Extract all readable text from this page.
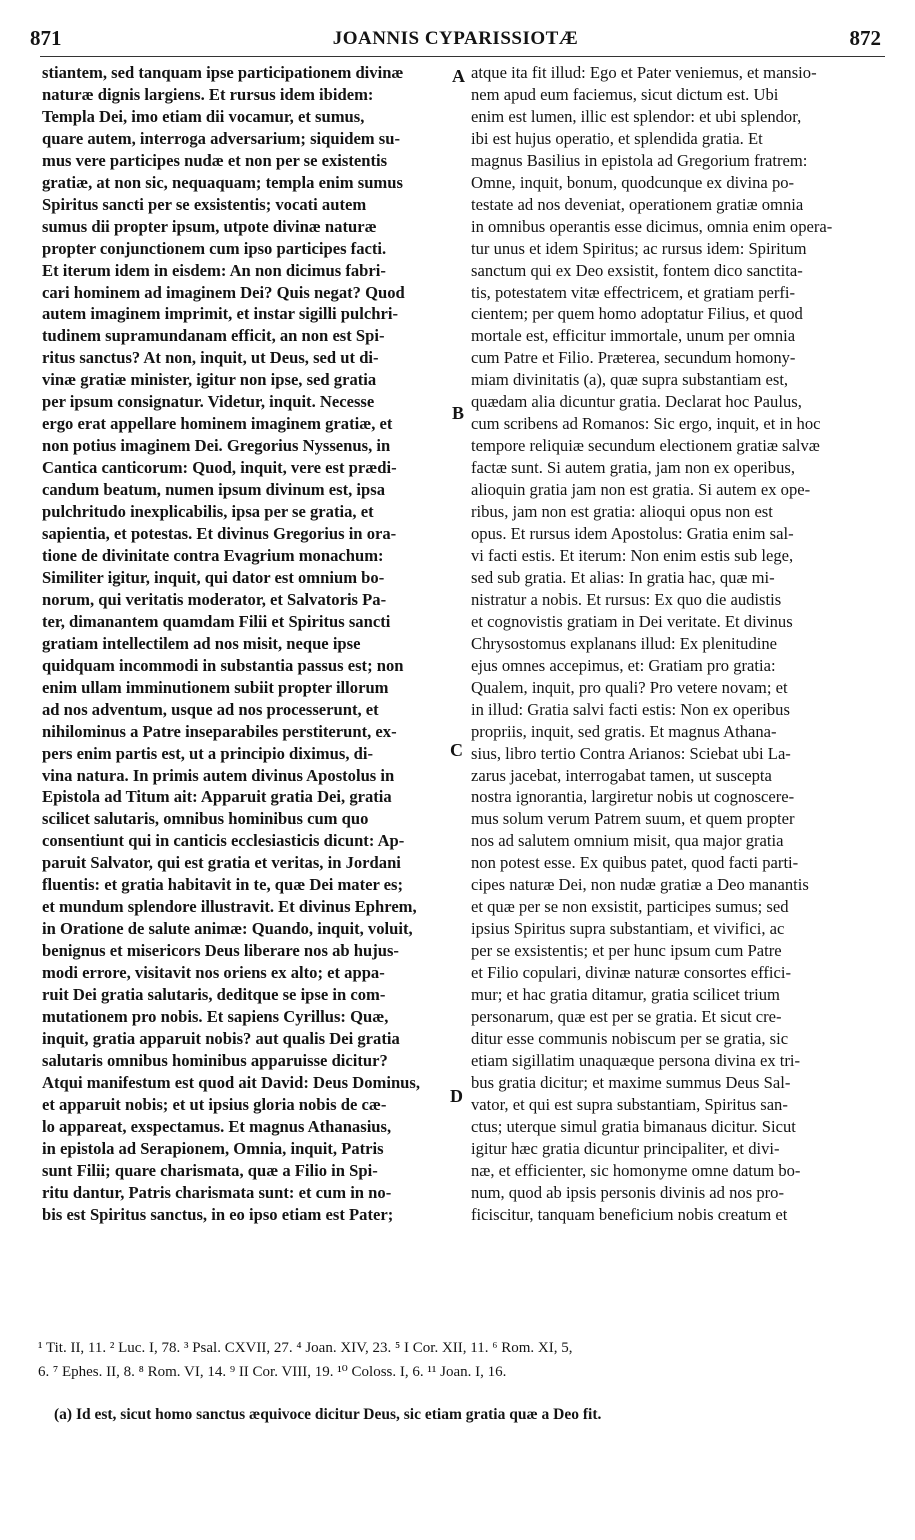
871	JOANNIS CYPARISSIOTÆ	872
stiantem, sed tanquam ipse participationem divinæ
naturæ dignis largiens. Et rursus idem ibidem:
Templa Dei, imo etiam dii vocamur, et sumus,
quare autem, interroga adversarium; siquidem su-
mus vere participes nudæ et non per se existentis
gratiæ, at non sic, nequaquam; templa enim sumus
Spiritus sancti per se exsistentis; vocati autem
sumus dii propter ipsum, utpote divinæ naturæ
propter conjunctionem cum ipso participes facti.
Et iterum idem in eisdem: An non dicimus fabri-
cari hominem ad imaginem Dei? Quis negat? Quod
autem imaginem imprimit, et instar sigilli pulchri-
tudinem supramundanam efficit, an non est Spi-
ritus sanctus? At non, inquit, ut Deus, sed ut di-
vinæ gratiæ minister, igitur non ipse, sed gratia
per ipsum consignatur. Videtur, inquit. Necesse
ergo erat appellare hominem imaginem gratiæ, et
non potius imaginem Dei. Gregorius Nyssenus, in
Cantica canticorum: Quod, inquit, vere est prædi-
candum beatum, numen ipsum divinum est, ipsa
pulchritudo inexplicabilis, ipsa per se gratia, et
sapientia, et potestas. Et divinus Gregorius in ora-
tione de divinitate contra Evagrium monachum:
Similiter igitur, inquit, qui dator est omnium bo-
norum, qui veritatis moderator, et Salvatoris Pa-
ter, dimanantem quamdam Filii et Spiritus sancti
gratiam intellectilem ad nos misit, neque ipse
quidquam incommodi in substantia passus est; non
enim ullam imminutionem subiit propter illorum
ad nos adventum, usque ad nos processerunt, et
nihilominus a Patre inseparabiles perstiterunt, ex-
pers enim partis est, ut a principio diximus, di-
vina natura. In primis autem divinus Apostolus in
Epistola ad Titum ait: Apparuit gratia Dei, gratia
scilicet salutaris, omnibus hominibus cum quo
consentiunt qui in canticis ecclesiasticis dicunt: Ap-
paruit Salvator, qui est gratia et veritas, in Jordani
fluentis: et gratia habitavit in te, quæ Dei mater es;
et mundum splendore illustravit. Et divinus Ephrem,
in Oratione de salute animæ: Quando, inquit, voluit,
benignus et misericors Deus liberare nos ab hujus-
modi errore, visitavit nos oriens ex alto; et appa-
ruit Dei gratia salutaris, deditque se ipse in com-
mutationem pro nobis. Et sapiens Cyrillus: Quæ,
inquit, gratia apparuit nobis? aut qualis Dei gratia
salutaris omnibus hominibus apparuisse dicitur?
Atqui manifestum est quod ait David: Deus Dominus,
et apparuit nobis; et ut ipsius gloria nobis de cæ-
lo appareat, exspectamus. Et magnus Athanasius,
in epistola ad Serapionem, Omnia, inquit, Patris
sunt Filii; quare charismata, quæ a Filio in Spi-
ritu dantur, Patris charismata sunt: et cum in no-
bis est Spiritus sanctus, in eo ipso etiam est Pater;
atque ita fit illud: Ego et Pater veniemus, et mansio-
nem apud eum faciemus, sicut dictum est. Ubi
enim est lumen, illic est splendor: et ubi splendor,
ibi est hujus operatio, et splendida gratia. Et
magnus Basilius in epistola ad Gregorium fratrem:
Omne, inquit, bonum, quodcunque ex divina po-
testate ad nos deveniat, operationem gratiæ omnia
in omnibus operantis esse dicimus, omnia enim opera-
tur unus et idem Spiritus; ac rursus idem: Spiritum
sanctum qui ex Deo exsistit, fontem dico sanctita-
tis, potestatem vitæ effectricem, et gratiam perfi-
cientem; per quem homo adoptatur Filius, et quod
mortale est, efficitur immortale, unum per omnia
cum Patre et Filio. Præterea, secundum homony-
miam divinitatis (a), quæ supra substantiam est,
quædam alia dicuntur gratia. Declarat hoc Paulus,
cum scribens ad Romanos: Sic ergo, inquit, et in hoc
tempore reliquiæ secundum electionem gratiæ salvæ
factæ sunt. Si autem gratia, jam non ex operibus,
alioquin gratia jam non est gratia. Si autem ex ope-
ribus, jam non est gratia: alioqui opus non est
opus. Et rursus idem Apostolus: Gratia enim sal-
vi facti estis. Et iterum: Non enim estis sub lege,
sed sub gratia. Et alias: In gratia hac, quæ mi-
nistratur a nobis. Et rursus: Ex quo die audistis
et cognovistis gratiam in Dei veritate. Et divinus
Chrysostomus explanans illud: Ex plenitudine
ejus omnes accepimus, et: Gratiam pro gratia:
Qualem, inquit, pro quali? Pro vetere novam; et
in illud: Gratia salvi facti estis: Non ex operibus
propriis, inquit, sed gratis. Et magnus Athana-
sius, libro tertio Contra Arianos: Sciebat ubi La-
zarus jacebat, interrogabat tamen, ut suscepta
nostra ignorantia, largiretur nobis ut cognoscere-
mus solum verum Patrem suum, et quem propter
nos ad salutem omnium misit, qua major gratia
non potest esse. Ex quibus patet, quod facti parti-
cipes naturæ Dei, non nudæ gratiæ a Deo manantis
et quæ per se non exsistit, participes sumus; sed
ipsius Spiritus supra substantiam, et vivifici, ac
per se exsistentis; et per hunc ipsum cum Patre
et Filio copulari, divinæ naturæ consortes effici-
mur; et hac gratia ditamur, gratia scilicet trium
personarum, quæ est per se gratia. Et sicut cre-
ditur esse communis nobiscum per se gratia, sic
etiam sigillatim unaquæque persona divina ex tri-
bus gratia dicitur; et maxime summus Deus Sal-
vator, et qui est supra substantiam, Spiritus san-
ctus; uterque simul gratia bimanaus dicitur. Sicut
igitur hæc gratia dicuntur principaliter, et divi-
næ, et efficienter, sic homonyme omne datum bo-
num, quod ab ipsis personis divinis ad nos pro-
ficiscitur, tanquam beneficium nobis creatum et
A
B
C
D
¹ Tit. II, 11. ² Luc. I, 78. ³ Psal. CXVII, 27. ⁴ Joan. XIV, 23. ⁵ I Cor. XII, 11. ⁶ Rom. XI, 5,
6. ⁷ Ephes. II, 8. ⁸ Rom. VI, 14. ⁹ II Cor. VIII, 19. ¹⁰ Coloss. I, 6. ¹¹ Joan. I, 16.
(a) Id est, sicut homo sanctus æquivoce dicitur Deus, sic etiam gratia quæ a Deo fit.
